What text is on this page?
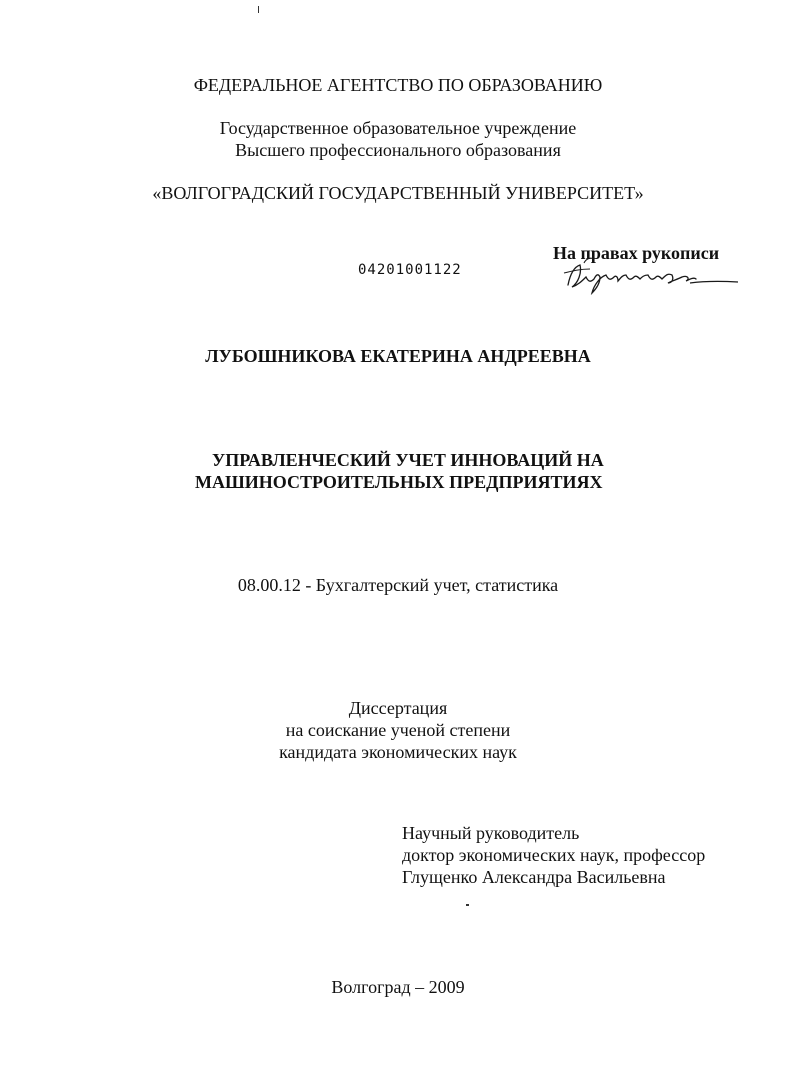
ФЕДЕРАЛЬНОЕ АГЕНТСТВО ПО ОБРАЗОВАНИЮ
Государственное образовательное учреждение
Высшего профессионального образования
«ВОЛГОГРАДСКИЙ ГОСУДАРСТВЕННЫЙ УНИВЕРСИТЕТ»
04201001122
На правах рукописи
ЛУБОШНИКОВА ЕКАТЕРИНА АНДРЕЕВНА
УПРАВЛЕНЧЕСКИЙ УЧЕТ ИННОВАЦИЙ НА
МАШИНОСТРОИТЕЛЬНЫХ ПРЕДПРИЯТИЯХ
08.00.12 - Бухгалтерский учет, статистика
Диссертация
на соискание ученой степени
кандидата экономических наук
Научный руководитель
доктор экономических наук, профессор
Глущенко Александра Васильевна
Волгоград – 2009
